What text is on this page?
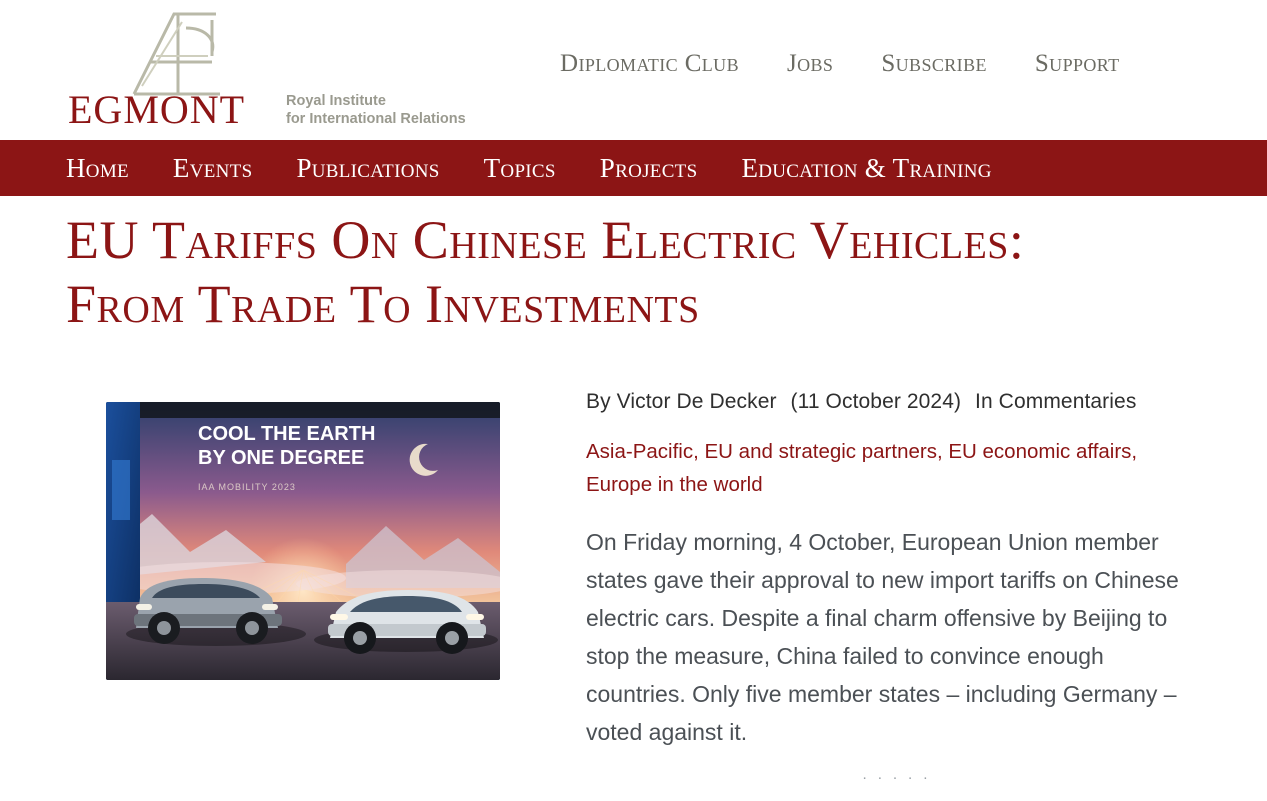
EGMONT	Royal Institute
for International Relations
Diplomatic Club Jobs Subscribe Support
Home Events Publications Topics Projects Education & Training
EU Tariffs On Chinese Electric Vehicles: From Trade To Investments
COOL THE EARTH
BY ONE DEGREE
IAA MOBILITY 2023

By Victor De Decker (11 October 2024) In Commentaries

Asia-Pacific, EU and strategic partners, EU economic affairs, Europe in the world

On Friday morning, 4 October, European Union member states gave their approval to new import tariffs on Chinese electric cars. Despite a final charm offensive by Beijing to stop the measure, China failed to convince enough countries. Only five member states – including Germany – voted against it.

· · · · ·
